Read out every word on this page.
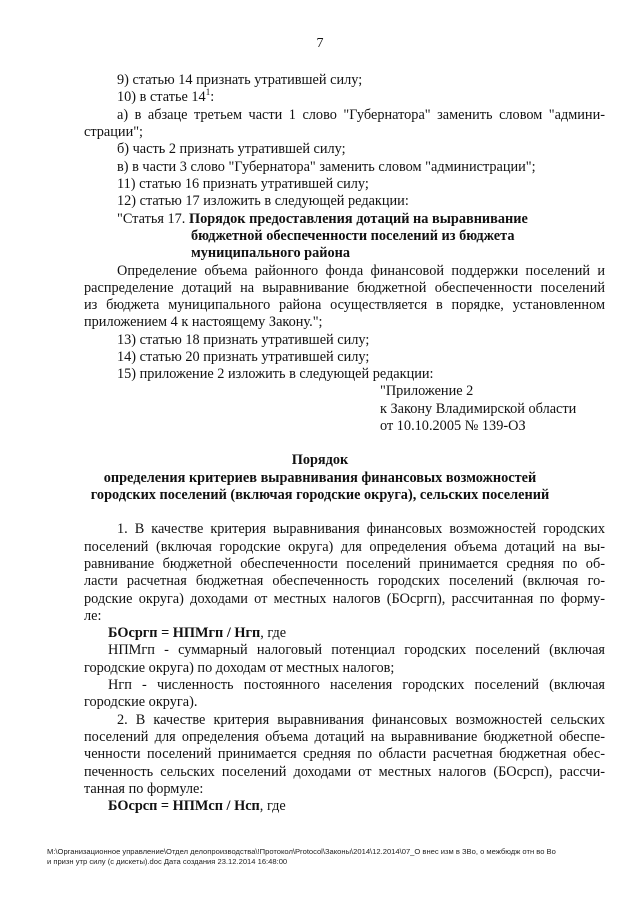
7
9) статью 14 признать утратившей силу;
10) в статье $14^1$:
а) в абзаце третьем части 1 слово "Губернатора" заменить словом "админи-
страции";
б) часть 2 признать утратившей силу;
в) в части 3 слово "Губернатора" заменить словом "администрации";
11) статью 16 признать утратившей силу;
12) статью 17 изложить в следующей редакции:
"Статья 17. Порядок предоставления дотаций на выравнивание
бюджетной обеспеченности поселений из бюджета
муниципального района
Определение объема районного фонда финансовой поддержки поселений и
распределение дотаций на выравнивание бюджетной обеспеченности поселений
из бюджета муниципального района осуществляется в порядке, установленном
приложением 4 к настоящему Закону.";
13) статью 18 признать утратившей силу;
14) статью 20 признать утратившей силу;
15) приложение 2 изложить в следующей редакции:
"Приложение 2
к Закону Владимирской области
от 10.10.2005 № 139-ОЗ
Порядок
определения критериев выравнивания финансовых возможностей
городских поселений (включая городские округа), сельских поселений
1. В качестве критерия выравнивания финансовых возможностей городских
поселений (включая городские округа) для определения объема дотаций на вы-
равнивание бюджетной обеспеченности поселений принимается средняя по об-
ласти расчетная бюджетная обеспеченность городских поселений (включая го-
родские округа) доходами от местных налогов (БОсргп), рассчитанная по форму-
ле:
БОсргп = НПМгп / Нгп, где
НПМгп - суммарный налоговый потенциал городских поселений (включая
городские округа) по доходам от местных налогов;
Нгп - численность постоянного населения городских поселений (включая
городские округа).
2. В качестве критерия выравнивания финансовых возможностей сельских
поселений для определения объема дотаций на выравнивание бюджетной обеспе-
ченности поселений принимается средняя по области расчетная бюджетная обес-
печенность сельских поселений доходами от местных налогов (БОсрсп), рассчи-
танная по формуле:
БОсрсп = НПМсп / Нсп, где
M:\Организационное управление\Отдел делопроизводства\!Протокол\Protocol\Законы\2014\12.2014\07_О внес изм в ЗВо, о межбюдж отн во Во
и призн утр силу (с дискеты).doc Дата создания 23.12.2014 16:48:00
